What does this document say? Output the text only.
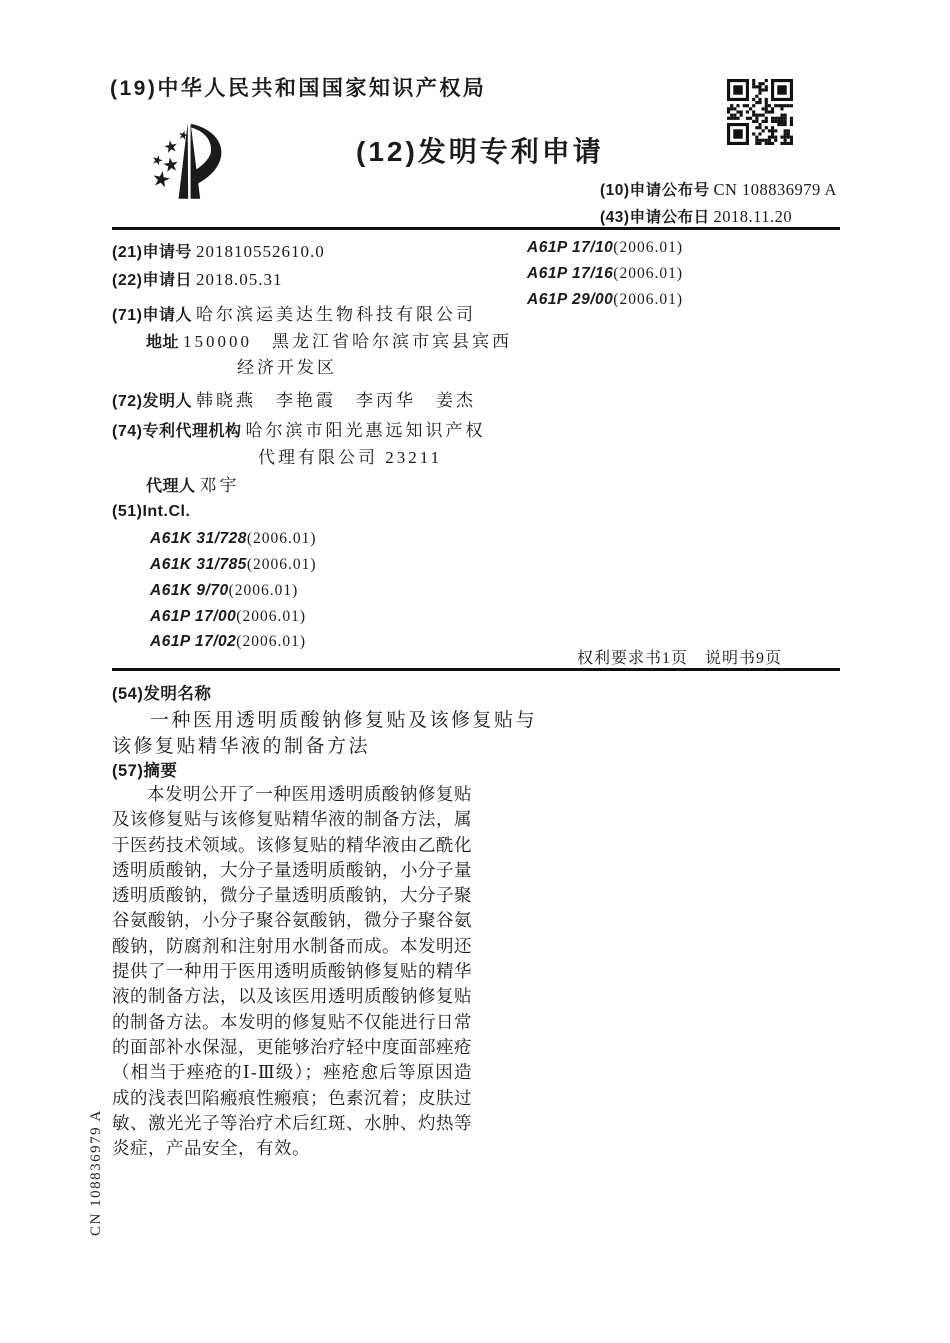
(19)中华人民共和国国家知识产权局
(12)发明专利申请
(10)申请公布号 CN 108836979 A
(43)申请公布日 2018.11.20
(21)申请号 201810552610.0
(22)申请日 2018.05.31
(71)申请人 哈尔滨运美达生物科技有限公司
地址 150000　黑龙江省哈尔滨市宾县宾西
经济开发区
(72)发明人 韩晓燕　李艳霞　李丙华　姜杰
(74)专利代理机构 哈尔滨市阳光惠远知识产权
代理有限公司 23211
代理人 邓宇
(51)Int.Cl.
A61K 31/728(2006.01)
A61K 31/785(2006.01)
A61K 9/70(2006.01)
A61P 17/00(2006.01)
A61P 17/02(2006.01)
A61P 17/10(2006.01)
A61P 17/16(2006.01)
A61P 29/00(2006.01)
权利要求书1页　说明书9页
(54)发明名称
一种医用透明质酸钠修复贴及该修复贴与
该修复贴精华液的制备方法
(57)摘要
本发明公开了一种医用透明质酸钠修复贴及该修复贴与该修复贴精华液的制备方法，属于医药技术领域。该修复贴的精华液由乙酰化透明质酸钠，大分子量透明质酸钠，小分子量透明质酸钠，微分子量透明质酸钠，大分子聚谷氨酸钠，小分子聚谷氨酸钠，微分子聚谷氨酸钠，防腐剂和注射用水制备而成。本发明还提供了一种用于医用透明质酸钠修复贴的精华液的制备方法，以及该医用透明质酸钠修复贴的制备方法。本发明的修复贴不仅能进行日常的面部补水保湿，更能够治疗轻中度面部痤疮（相当于痤疮的Ⅰ-Ⅲ级）；痤疮愈后等原因造成的浅表凹陷瘢痕性瘢痕；色素沉着；皮肤过敏、激光光子等治疗术后红斑、水肿、灼热等炎症，产品安全，有效。
CN 108836979 A
